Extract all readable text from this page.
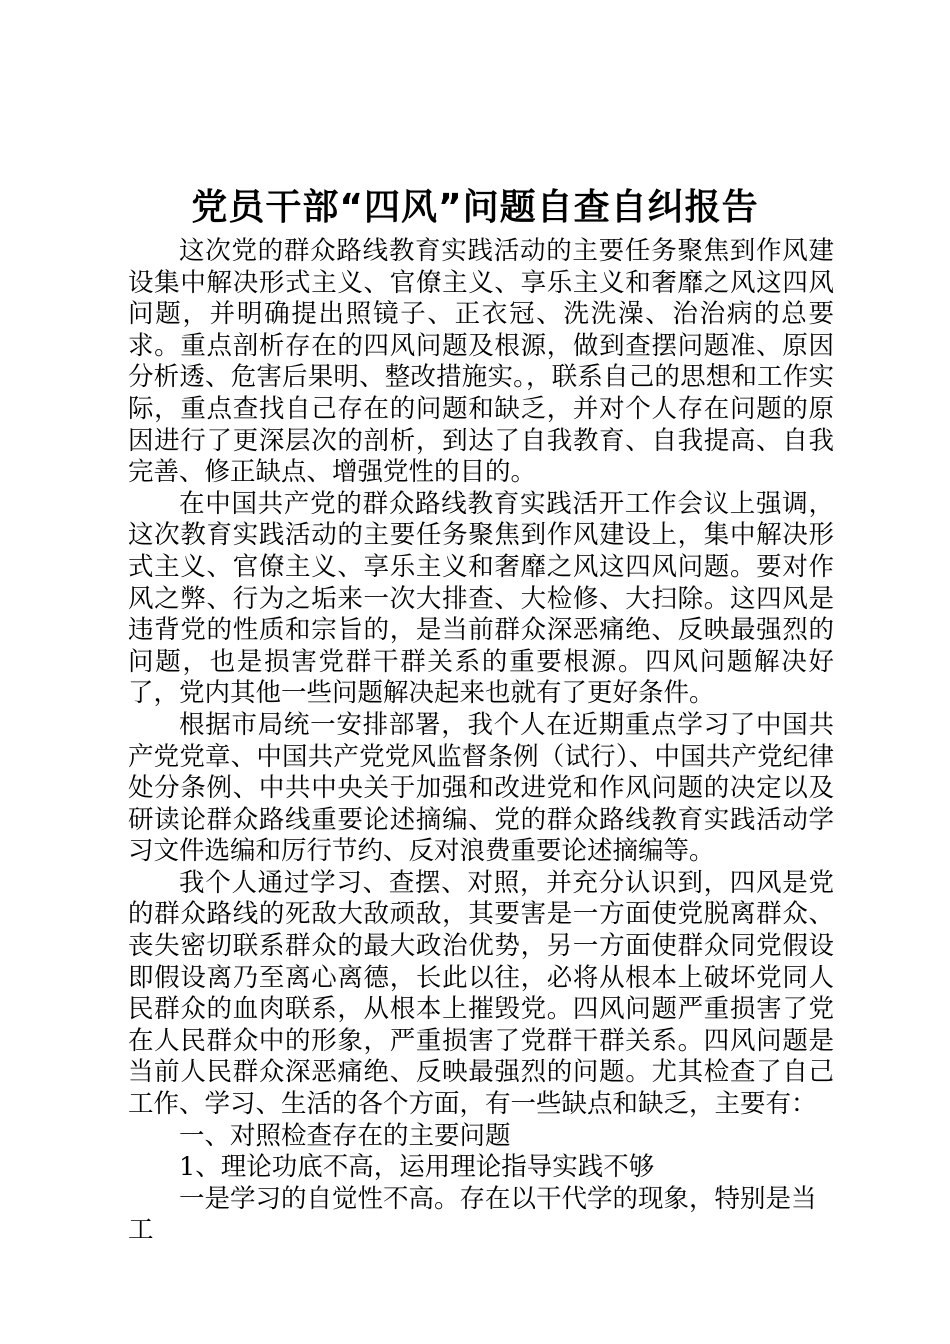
党员干部“四风”问题自查自纠报告

这次党的群众路线教育实践活动的主要任务聚焦到作风建设集中解决形式主义、官僚主义、享乐主义和奢靡之风这四风问题，并明确提出照镜子、正衣冠、洗洗澡、治治病的总要求。重点剖析存在的四风问题及根源，做到查摆问题准、原因分析透、危害后果明、整改措施实。，联系自己的思想和工作实际，重点查找自己存在的问题和缺乏，并对个人存在问题的原因进行了更深层次的剖析，到达了自我教育、自我提高、自我完善、修正缺点、增强党性的目的。

在中国共产党的群众路线教育实践活开工作会议上强调，这次教育实践活动的主要任务聚焦到作风建设上，集中解决形式主义、官僚主义、享乐主义和奢靡之风这四风问题。要对作风之弊、行为之垢来一次大排查、大检修、大扫除。这四风是违背党的性质和宗旨的，是当前群众深恶痛绝、反映最强烈的问题，也是损害党群干群关系的重要根源。四风问题解决好了，党内其他一些问题解决起来也就有了更好条件。

根据市局统一安排部署，我个人在近期重点学习了中国共产党党章、中国共产党党风监督条例（试行）、中国共产党纪律处分条例、中共中央关于加强和改进党和作风问题的决定以及研读论群众路线重要论述摘编、党的群众路线教育实践活动学习文件选编和厉行节约、反对浪费重要论述摘编等。

我个人通过学习、查摆、对照，并充分认识到，四风是党的群众路线的死敌大敌顽敌，其要害是一方面使党脱离群众、丧失密切联系群众的最大政治优势，另一方面使群众同党假设即假设离乃至离心离德，长此以往，必将从根本上破坏党同人民群众的血肉联系，从根本上摧毁党。四风问题严重损害了党在人民群众中的形象，严重损害了党群干群关系。四风问题是当前人民群众深恶痛绝、反映最强烈的问题。尤其检查了自己工作、学习、生活的各个方面，有一些缺点和缺乏，主要有：

一、对照检查存在的主要问题

1、理论功底不高，运用理论指导实践不够

一是学习的自觉性不高。存在以干代学的现象，特别是当工
